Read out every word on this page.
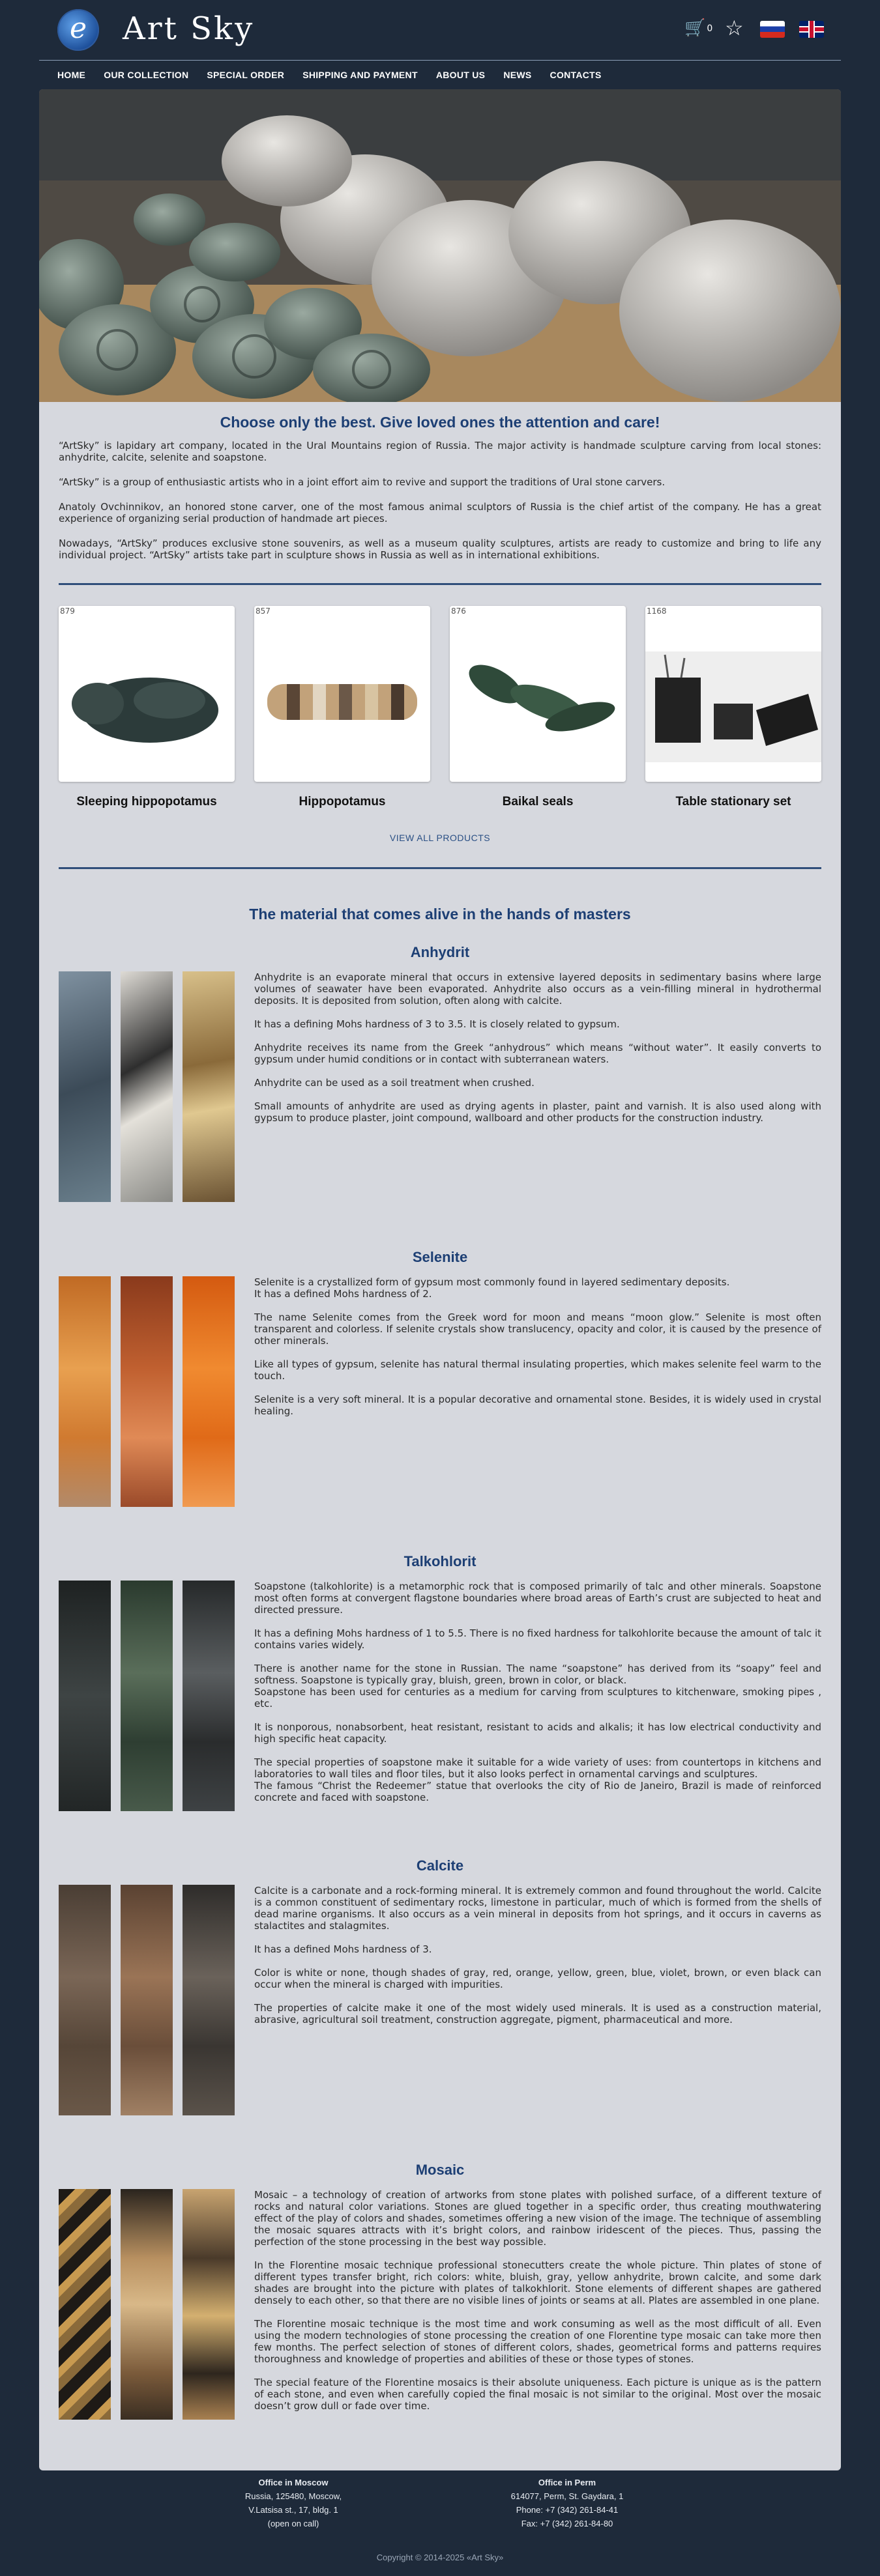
e	Art Sky	🛒 0 ☆
HOME OUR COLLECTION SPECIAL ORDER SHIPPING AND PAYMENT ABOUT US NEWS CONTACTS
Choose only the best. Give loved ones the attention and care!

“ArtSky” is lapidary art company, located in the Ural Mountains region of Russia. The major activity is handmade sculpture carving from local stones: anhydrite, calcite, selenite and soapstone.

“ArtSky” is a group of enthusiastic artists who in a joint effort aim to revive and support the traditions of Ural stone carvers.

Anatoly Ovchinnikov, an honored stone carver, one of the most famous animal sculptors of Russia is the chief artist of the company. He has a great experience of organizing serial production of handmade art pieces.

Nowadays, “ArtSky” produces exclusive stone souvenirs, as well as a museum quality sculptures, artists are ready to customize and bring to life any individual project. “ArtSky” artists take part in sculpture shows in Russia as well as in international exhibitions.

879
Sleeping hippopotamus
857
Hippopotamus
876
Baikal seals
1168
Table stationary set
VIEW ALL PRODUCTS
The material that comes alive in the hands of masters
Anhydrit

Anhydrite is an evaporate mineral that occurs in extensive layered deposits in sedimentary basins where large volumes of seawater have been evaporated. Anhydrite also occurs as a vein-filling mineral in hydrothermal deposits. It is deposited from solution, often along with calcite.

It has a defining Mohs hardness of 3 to 3.5. It is closely related to gypsum.

Anhydrite receives its name from the Greek “anhydrous” which means “without water”. It easily converts to gypsum under humid conditions or in contact with subterranean waters.

Anhydrite can be used as a soil treatment when crushed.

Small amounts of anhydrite are used as drying agents in plaster, paint and varnish. It is also used along with gypsum to produce plaster, joint compound, wallboard and other products for the construction industry.

Selenite

Selenite is a crystallized form of gypsum most commonly found in layered sedimentary deposits.
It has a defined Mohs hardness of 2.

The name Selenite comes from the Greek word for moon and means “moon glow.” Selenite is most often transparent and colorless. If selenite crystals show translucency, opacity and color, it is caused by the presence of other minerals.

Like all types of gypsum, selenite has natural thermal insulating properties, which makes selenite feel warm to the touch.

Selenite is a very soft mineral. It is a popular decorative and ornamental stone. Besides, it is widely used in crystal healing.

Talkohlorit

Soapstone (talkohlorite) is a metamorphic rock that is composed primarily of talc and other minerals. Soapstone most often forms at convergent flagstone boundaries where broad areas of Earth’s crust are subjected to heat and directed pressure.

It has a defining Mohs hardness of 1 to 5.5. There is no fixed hardness for talkohlorite because the amount of talc it contains varies widely.

There is another name for the stone in Russian. The name “soapstone” has derived from its “soapy” feel and softness. Soapstone is typically gray, bluish, green, brown in color, or black.
Soapstone has been used for centuries as a medium for carving from sculptures to kitchenware, smoking pipes , etc.

It is nonporous, nonabsorbent, heat resistant, resistant to acids and alkalis; it has low electrical conductivity and high specific heat capacity.

The special properties of soapstone make it suitable for a wide variety of uses: from countertops in kitchens and laboratories to wall tiles and floor tiles, but it also looks perfect in ornamental carvings and sculptures.
The famous “Christ the Redeemer” statue that overlooks the city of Rio de Janeiro, Brazil is made of reinforced concrete and faced with soapstone.

Calcite

Calcite is a carbonate and a rock-forming mineral. It is extremely common and found throughout the world. Calcite is a common constituent of sedimentary rocks, limestone in particular, much of which is formed from the shells of dead marine organisms. It also occurs as a vein mineral in deposits from hot springs, and it occurs in caverns as stalactites and stalagmites.

It has a defined Mohs hardness of 3.

Color is white or none, though shades of gray, red, orange, yellow, green, blue, violet, brown, or even black can occur when the mineral is charged with impurities.

The properties of calcite make it one of the most widely used minerals. It is used as a construction material, abrasive, agricultural soil treatment, construction aggregate, pigment, pharmaceutical and more.

Mosaic

Mosaic – a technology of creation of artworks from stone plates with polished surface, of a different texture of rocks and natural color variations. Stones are glued together in a specific order, thus creating mouthwatering effect of the play of colors and shades, sometimes offering a new vision of the image. The technique of assembling the mosaic squares attracts with it’s bright colors, and rainbow iridescent of the pieces. Thus, passing the perfection of the stone processing in the best way possible.

In the Florentine mosaic technique professional stonecutters create the whole picture. Thin plates of stone of different types transfer bright, rich colors: white, bluish, gray, yellow anhydrite, brown calcite, and some dark shades are brought into the picture with plates of talkokhlorit. Stone elements of different shapes are gathered densely to each other, so that there are no visible lines of joints or seams at all. Plates are assembled in one plane.

The Florentine mosaic technique is the most time and work consuming as well as the most difficult of all. Even using the modern technologies of stone processing the creation of one Florentine type mosaic can take more then few months. The perfect selection of stones of different colors, shades, geometrical forms and patterns requires thoroughness and knowledge of properties and abilities of these or those types of stones.

The special feature of the Florentine mosaics is their absolute uniqueness. Each picture is unique as is the pattern of each stone, and even when carefully copied the final mosaic is not similar to the original. Most over the mosaic doesn’t grow dull or fade over time.

Office in Moscow
Russia, 125480, Moscow,
V.Latsisa st., 17, bldg. 1
(open on call)
Office in Perm
614077, Perm, St. Gaydara, 1
Phone: +7 (342) 261-84-41
Fax: +7 (342) 261-84-80
Copyright © 2014-2025 «Art Sky»
